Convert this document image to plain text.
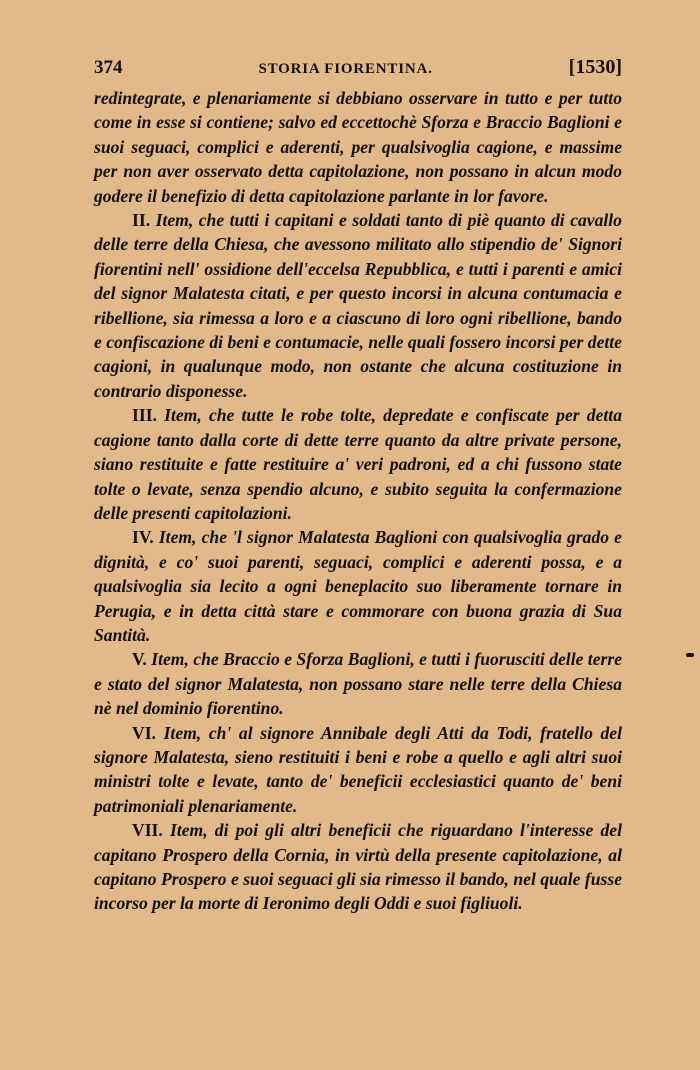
374	STORIA FIORENTINA.	[1530]

redintegrate, e plenariamente si debbiano osservare in tutto e per tutto come in esse si contiene; salvo ed eccettochè Sforza e Braccio Baglioni e suoi seguaci, complici e aderenti, per qualsivoglia cagione, e massime per non aver osservato detta capitolazione, non possano in alcun modo godere il benefizio di detta capitolazione parlante in lor favore.

II. Item, che tutti i capitani e soldati tanto di piè quanto di cavallo delle terre della Chiesa, che avessono militato allo stipendio de' Signori fiorentini nell' ossidione dell'eccelsa Repubblica, e tutti i parenti e amici del signor Malatesta citati, e per questo incorsi in alcuna contumacia e ribellione, sia rimessa a loro e a ciascuno di loro ogni ribellione, bando e confiscazione di beni e contumacie, nelle quali fossero incorsi per dette cagioni, in qualunque modo, non ostante che alcuna costituzione in contrario disponesse.

III. Item, che tutte le robe tolte, depredate e confiscate per detta cagione tanto dalla corte di dette terre quanto da altre private persone, siano restituite e fatte restituire a' veri padroni, ed a chi fussono state tolte o levate, senza spendio alcuno, e subito seguita la confermazione delle presenti capitolazioni.

IV. Item, che 'l signor Malatesta Baglioni con qualsivoglia grado e dignità, e co' suoi parenti, seguaci, complici e aderenti possa, e a qualsivoglia sia lecito a ogni beneplacito suo liberamente tornare in Perugia, e in detta città stare e commorare con buona grazia di Sua Santità.

V. Item, che Braccio e Sforza Baglioni, e tutti i fuorusciti delle terre e stato del signor Malatesta, non possano stare nelle terre della Chiesa nè nel dominio fiorentino.

VI. Item, ch' al signore Annibale degli Atti da Todi, fratello del signore Malatesta, sieno restituiti i beni e robe a quello e agli altri suoi ministri tolte e levate, tanto de' beneficii ecclesiastici quanto de' beni patrimoniali plenariamente.

VII. Item, di poi gli altri beneficii che riguardano l'interesse del capitano Prospero della Cornia, in virtù della presente capitolazione, al capitano Prospero e suoi seguaci gli sia rimesso il bando, nel quale fusse incorso per la morte di Ieronimo degli Oddi e suoi figliuoli.
